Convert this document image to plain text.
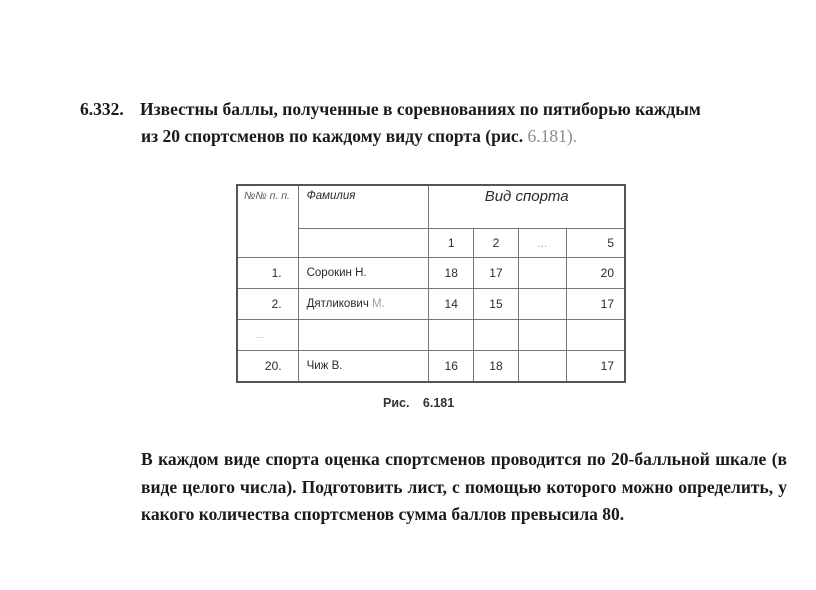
6.332. Известны баллы, полученные в соревнованиях по пятиборью каждым
из 20 спортсменов по каждому виду спорта (рис. 6.181).
№№ п. п.	Фамилия	Вид спорта			
		1	2	...	5
1.	Сорокин Н.	18	17		20
2.	Дятликович М.	14	15		17
...					
20.	Чиж В.	16	18		17
Рис. 6.181
В каждом виде спорта оценка спортсменов проводится по 20-балльной шкале (в виде целого числа). Подготовить лист, с помощью которого можно определить, у какого количества спортсменов сумма баллов превысила 80.
